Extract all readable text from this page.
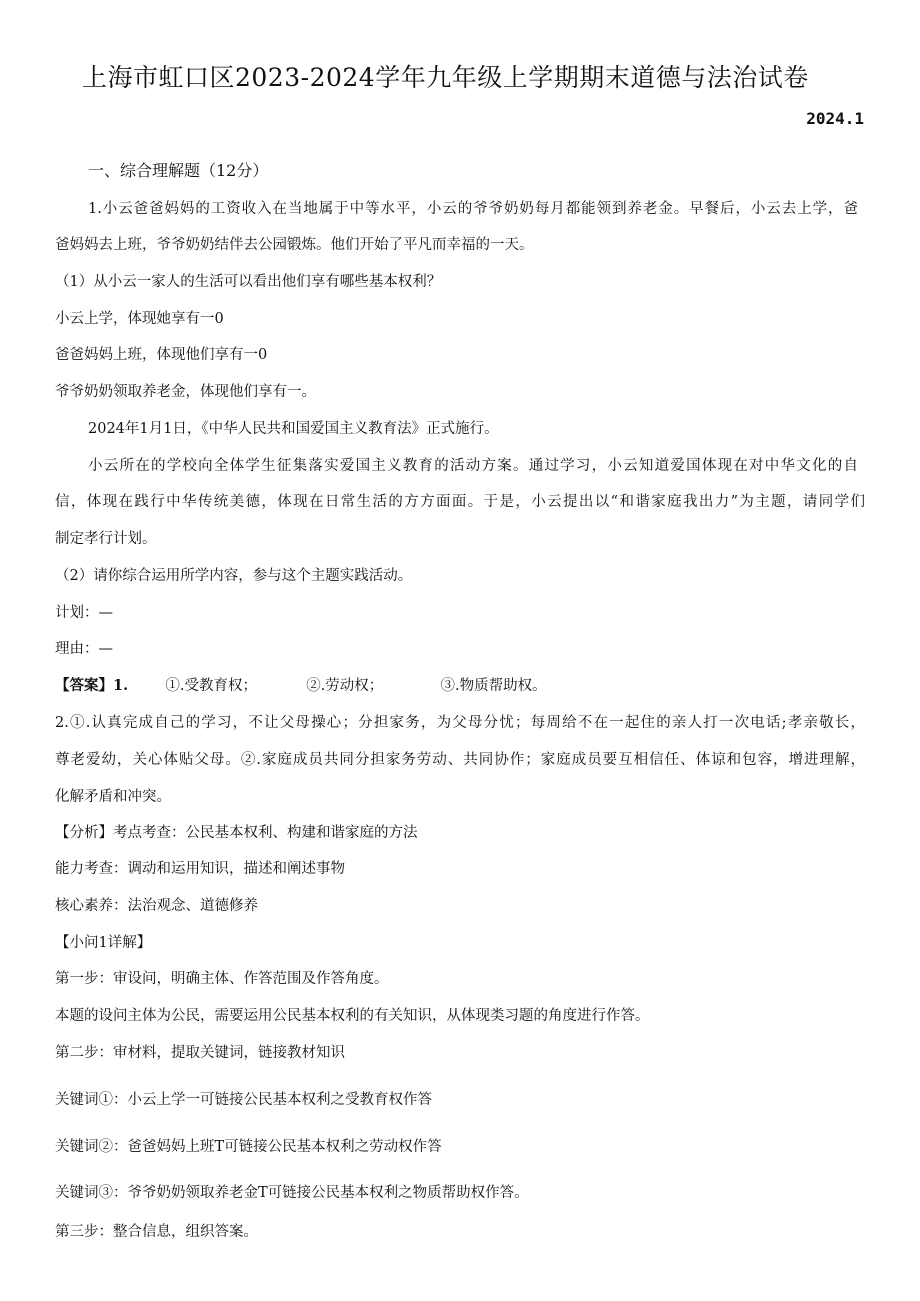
上海市虹口区2023-2024学年九年级上学期期末道德与法治试卷
2024.1
一、综合理解题（12分）
1.小云爸爸妈妈的工资收入在当地属于中等水平，小云的爷爷奶奶每月都能领到养老金。早餐后，小云去上学，爸
爸妈妈去上班，爷爷奶奶结伴去公园锻炼。他们开始了平凡而幸福的一天。
（1）从小云一家人的生活可以看出他们享有哪些基本权利？
小云上学，体现她享有一0
爸爸妈妈上班，体现他们享有一0
爷爷奶奶领取养老金，体现他们享有一。
2024年1月1日，《中华人民共和国爱国主义教育法》正式施行。
小云所在的学校向全体学生征集落实爱国主义教育的活动方案。通过学习，小云知道爱国体现在对中华文化的自
信，体现在践行中华传统美德，体现在日常生活的方方面面。于是，小云提出以“和谐家庭我出力”为主题，请同学们
制定孝行计划。
（2）请你综合运用所学内容，参与这个主题实践活动。
计划：—
理由：—
【答案】1.	①.受教育权；	②.劳动权；	③.物质帮助权。
2.①.认真完成自己的学习，不让父母操心；分担家务，为父母分忧；每周给不在一起住的亲人打一次电话;孝亲敬长，
尊老爱幼，关心体贴父母。②.家庭成员共同分担家务劳动、共同协作；家庭成员要互相信任、体谅和包容，增进理解，
化解矛盾和冲突。
【分析】考点考查：公民基本权利、构建和谐家庭的方法
能力考查：调动和运用知识，描述和阐述事物
核心素养：法治观念、道德修养
【小问1详解】
第一步：审设问，明确主体、作答范围及作答角度。
本题的设问主体为公民，需要运用公民基本权利的有关知识，从体现类习题的角度进行作答。
第二步：审材料，提取关键词，链接教材知识
关键词①：小云上学一可链接公民基本权利之受教育权作答
关键词②：爸爸妈妈上班T可链接公民基本权利之劳动权作答
关键词③：爷爷奶奶领取养老金T可链接公民基本权利之物质帮助权作答。
第三步：整合信息，组织答案。
